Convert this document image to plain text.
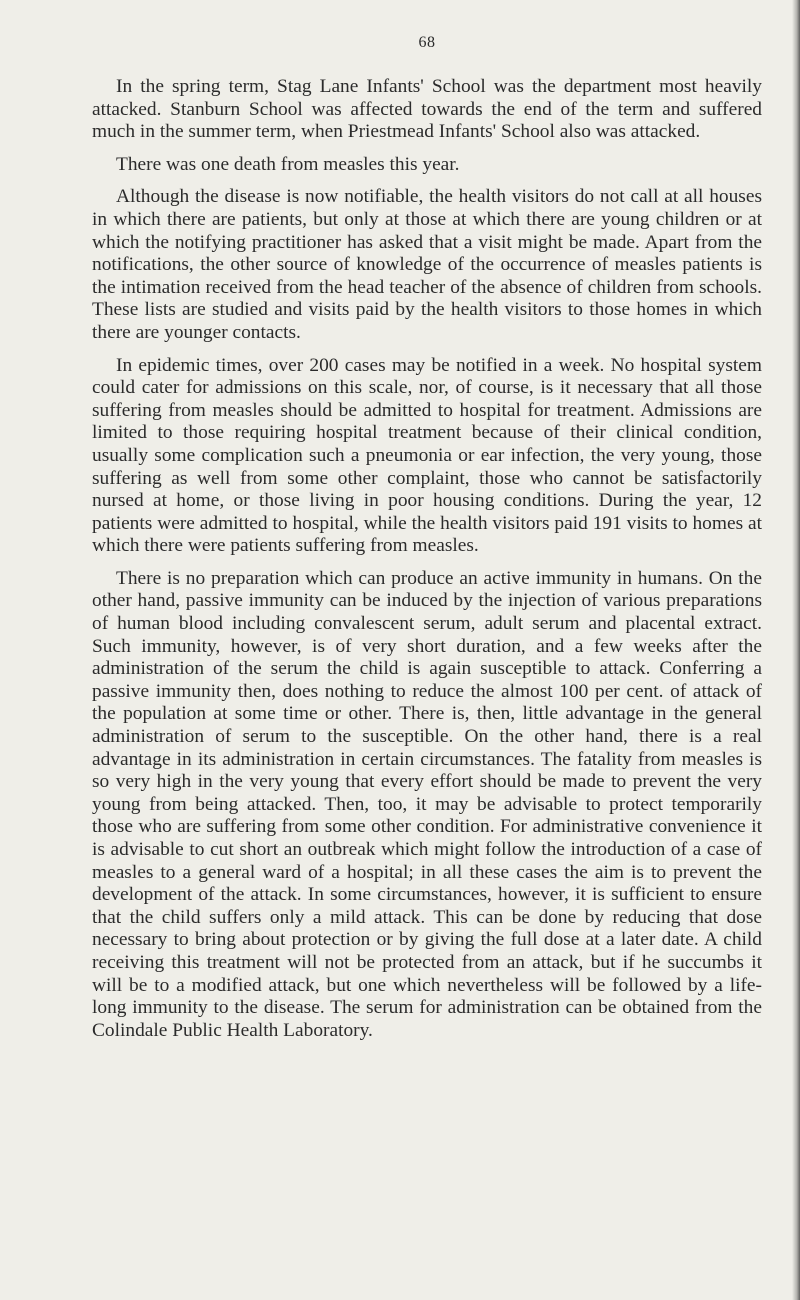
68

In the spring term, Stag Lane Infants' School was the department most heavily attacked. Stanburn School was affected towards the end of the term and suffered much in the summer term, when Priestmead Infants' School also was attacked.

There was one death from measles this year.

Although the disease is now notifiable, the health visitors do not call at all houses in which there are patients, but only at those at which there are young children or at which the notifying practitioner has asked that a visit might be made. Apart from the notifications, the other source of knowledge of the occurrence of measles patients is the intimation received from the head teacher of the absence of children from schools. These lists are studied and visits paid by the health visitors to those homes in which there are younger contacts.

In epidemic times, over 200 cases may be notified in a week. No hospital system could cater for admissions on this scale, nor, of course, is it necessary that all those suffering from measles should be admitted to hospital for treatment. Admissions are limited to those requiring hospital treatment because of their clinical condition, usually some complication such a pneumonia or ear infection, the very young, those suffering as well from some other complaint, those who cannot be satisfactorily nursed at home, or those living in poor housing conditions. During the year, 12 patients were admitted to hospital, while the health visitors paid 191 visits to homes at which there were patients suffering from measles.

There is no preparation which can produce an active immunity in humans. On the other hand, passive immunity can be induced by the injection of various preparations of human blood including convalescent serum, adult serum and placental extract. Such immunity, however, is of very short duration, and a few weeks after the administration of the serum the child is again susceptible to attack. Conferring a passive immunity then, does nothing to reduce the almost 100 per cent. of attack of the population at some time or other. There is, then, little advantage in the general administration of serum to the susceptible. On the other hand, there is a real advantage in its administration in certain circumstances. The fatality from measles is so very high in the very young that every effort should be made to prevent the very young from being attacked. Then, too, it may be advisable to protect temporarily those who are suffering from some other condition. For administrative convenience it is advisable to cut short an outbreak which might follow the introduction of a case of measles to a general ward of a hospital; in all these cases the aim is to prevent the development of the attack. In some circumstances, however, it is sufficient to ensure that the child suffers only a mild attack. This can be done by reducing that dose necessary to bring about protection or by giving the full dose at a later date. A child receiving this treatment will not be protected from an attack, but if he succumbs it will be to a modified attack, but one which nevertheless will be followed by a life-long immunity to the disease. The serum for administration can be obtained from the Colindale Public Health Laboratory.
